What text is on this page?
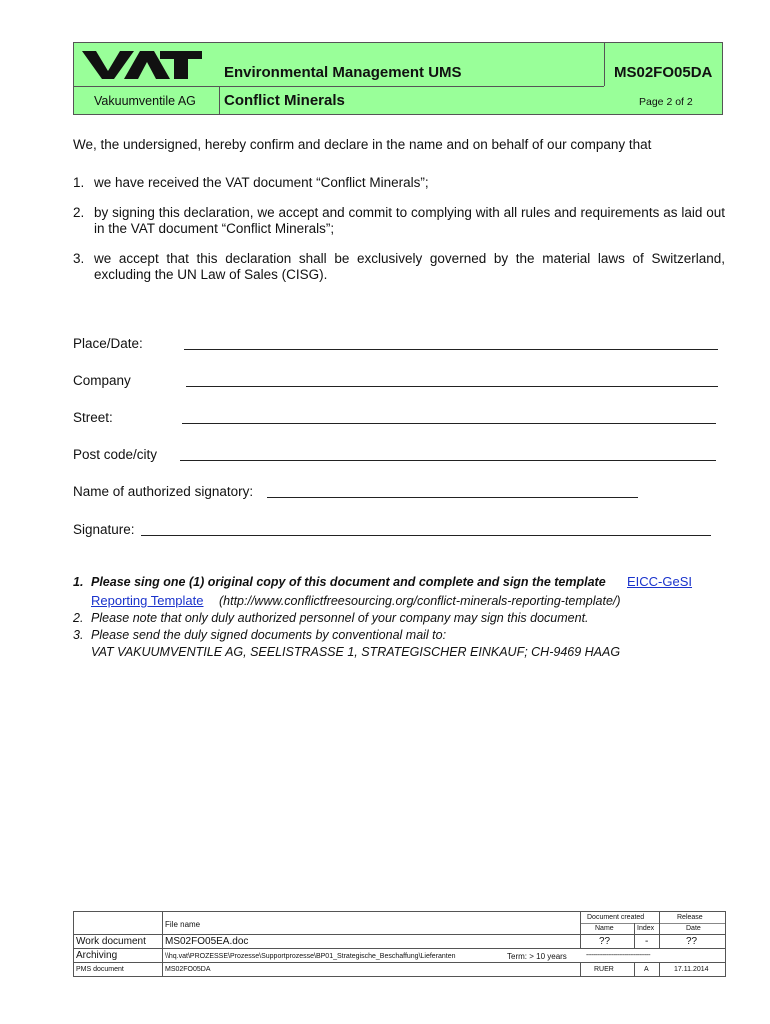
Environmental Management UMS	MS02FO05DA
Vakuumventile AG Conflict Minerals	Page 2 of 2
We, the undersigned, hereby confirm and declare in the name and on behalf of our company that
1. we have received the VAT document “Conflict Minerals”;
2. by signing this declaration, we accept and commit to complying with all rules and requirements as laid out in the VAT document “Conflict Minerals”;
3. we accept that this declaration shall be exclusively governed by the material laws of Switzerland, excluding the UN Law of Sales (CISG).
Place/Date:
Company
Street:
Post code/city
Name of authorized signatory:
Signature:
1. Please sing one (1) original copy of this document and complete and sign the template EICC-GeSI
Reporting Template (http://www.conflictfreesourcing.org/conflict-minerals-reporting-template/)
2. Please note that only duly authorized personnel of your company may sign this document.
3. Please send the duly signed documents by conventional mail to:
VAT VAKUUMVENTILE AG, SEELISTRASSE 1, STRATEGISCHER EINKAUF; CH-9469 HAAG
File name
Document created	Release
Name	Index	Date
Work document MS02FO05EA.doc	??	-	??
Archiving	\\hq.vat\PROZESSE\Prozesse\Supportprozesse\BP01_Strategische_Beschaffung\Lieferanten	Term: > 10 years	-----------------------------------
PMS document	MS02FO05DA	RUER	A	17.11.2014
